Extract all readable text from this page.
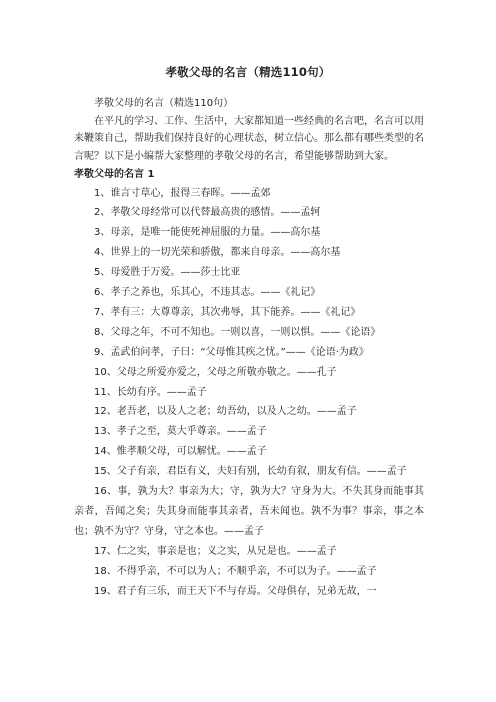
孝敬父母的名言（精选110句）

孝敬父母的名言（精选110句）

在平凡的学习、工作、生活中，大家都知道一些经典的名言吧，名言可以用来鞭策自己，帮助我们保持良好的心理状态，树立信心。那么都有哪些类型的名言呢？以下是小编帮大家整理的孝敬父母的名言，希望能够帮助到大家。

孝敬父母的名言 1

1、谁言寸草心，报得三春晖。——孟郊
2、孝敬父母经常可以代替最高贵的感情。——孟轲
3、母亲，是唯一能使死神屈服的力量。——高尔基
4、世界上的一切光荣和骄傲，都来自母亲。——高尔基
5、母爱胜于万爱。——莎士比亚
6、孝子之养也，乐其心，不违其志。——《礼记》
7、孝有三：大尊尊亲，其次弗辱，其下能养。——《礼记》
8、父母之年，不可不知也。一则以喜，一则以惧。——《论语》
9、孟武伯问孝，子曰：“父母惟其疾之忧。”——《论语·为政》
10、父母之所爱亦爱之，父母之所敬亦敬之。——孔子
11、长幼有序。——孟子
12、老吾老，以及人之老；幼吾幼，以及人之幼。——孟子
13、孝子之至，莫大乎尊亲。——孟子
14、惟孝顺父母，可以解忧。——孟子
15、父子有亲，君臣有义，夫妇有别，长幼有叙，朋友有信。——孟子
16、事，孰为大？事亲为大；守，孰为大？守身为大。不失其身而能事其亲者，吾闻之矣；失其身而能事其亲者，吾未闻也。孰不为事？事亲，事之本也；孰不为守？守身，守之本也。——孟子
17、仁之实，事亲是也；义之实，从兄是也。——孟子
18、不得乎亲，不可以为人；不顺乎亲，不可以为子。——孟子
19、君子有三乐，而王天下不与存焉。父母俱存，兄弟无故，一
